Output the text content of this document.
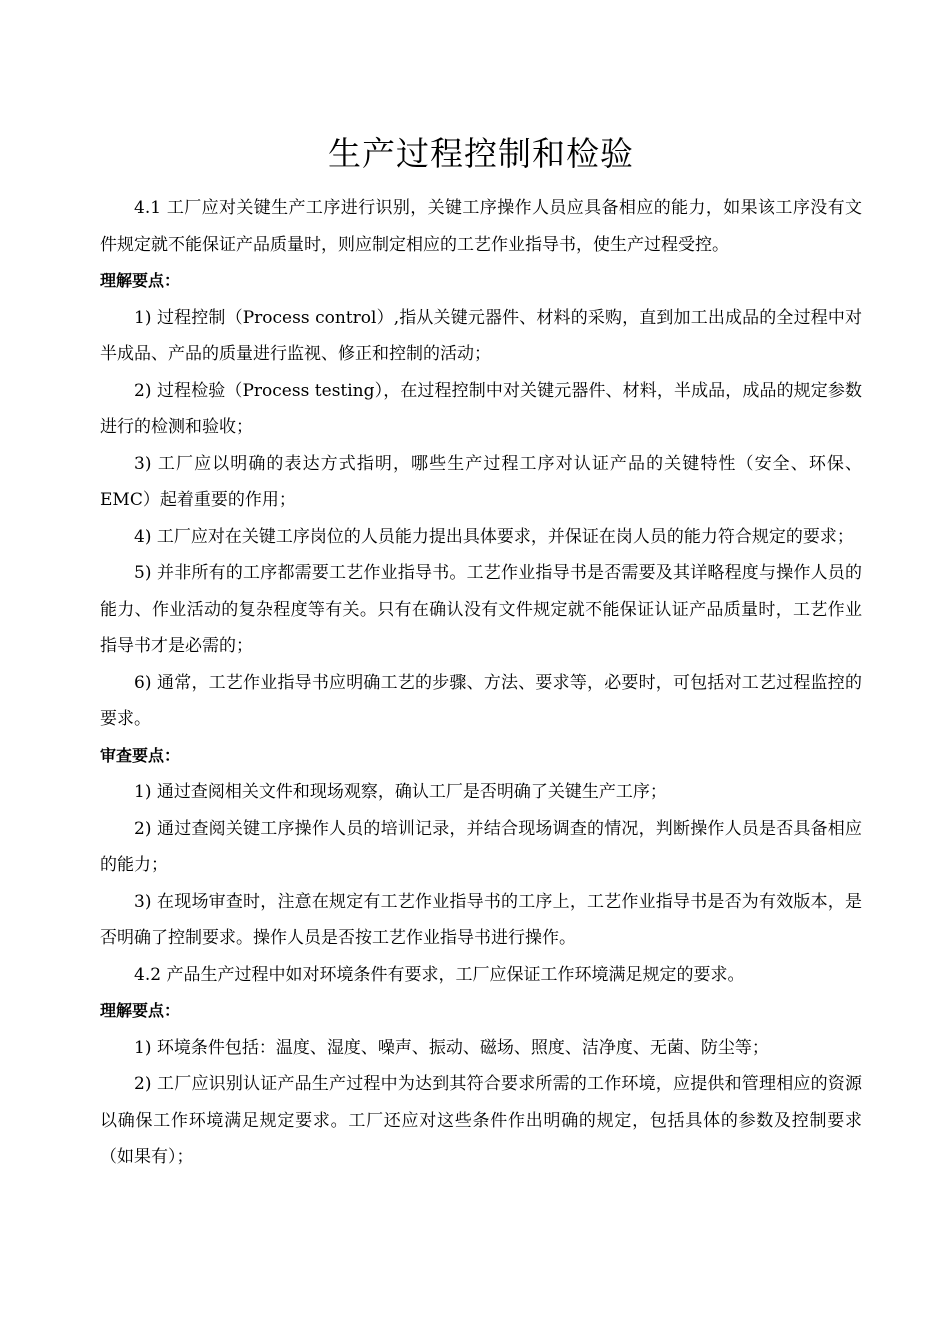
生产过程控制和检验

4.1 工厂应对关键生产工序进行识别，关键工序操作人员应具备相应的能力，如果该工序没有文件规定就不能保证产品质量时，则应制定相应的工艺作业指导书，使生产过程受控。

理解要点：

1) 过程控制（Process control）,指从关键元器件、材料的采购，直到加工出成品的全过程中对半成品、产品的质量进行监视、修正和控制的活动；

2) 过程检验（Process testing），在过程控制中对关键元器件、材料，半成品，成品的规定参数进行的检测和验收；

3) 工厂应以明确的表达方式指明，哪些生产过程工序对认证产品的关键特性（安全、环保、EMC）起着重要的作用；

4) 工厂应对在关键工序岗位的人员能力提出具体要求，并保证在岗人员的能力符合规定的要求；

5) 并非所有的工序都需要工艺作业指导书。工艺作业指导书是否需要及其详略程度与操作人员的能力、作业活动的复杂程度等有关。只有在确认没有文件规定就不能保证认证产品质量时，工艺作业指导书才是必需的；

6) 通常，工艺作业指导书应明确工艺的步骤、方法、要求等，必要时，可包括对工艺过程监控的要求。

审查要点：

1) 通过查阅相关文件和现场观察，确认工厂是否明确了关键生产工序；

2) 通过查阅关键工序操作人员的培训记录，并结合现场调查的情况，判断操作人员是否具备相应的能力；

3) 在现场审查时，注意在规定有工艺作业指导书的工序上，工艺作业指导书是否为有效版本，是否明确了控制要求。操作人员是否按工艺作业指导书进行操作。

4.2 产品生产过程中如对环境条件有要求，工厂应保证工作环境满足规定的要求。

理解要点：

1) 环境条件包括：温度、湿度、噪声、振动、磁场、照度、洁净度、无菌、防尘等；

2) 工厂应识别认证产品生产过程中为达到其符合要求所需的工作环境，应提供和管理相应的资源以确保工作环境满足规定要求。工厂还应对这些条件作出明确的规定，包括具体的参数及控制要求（如果有）；
